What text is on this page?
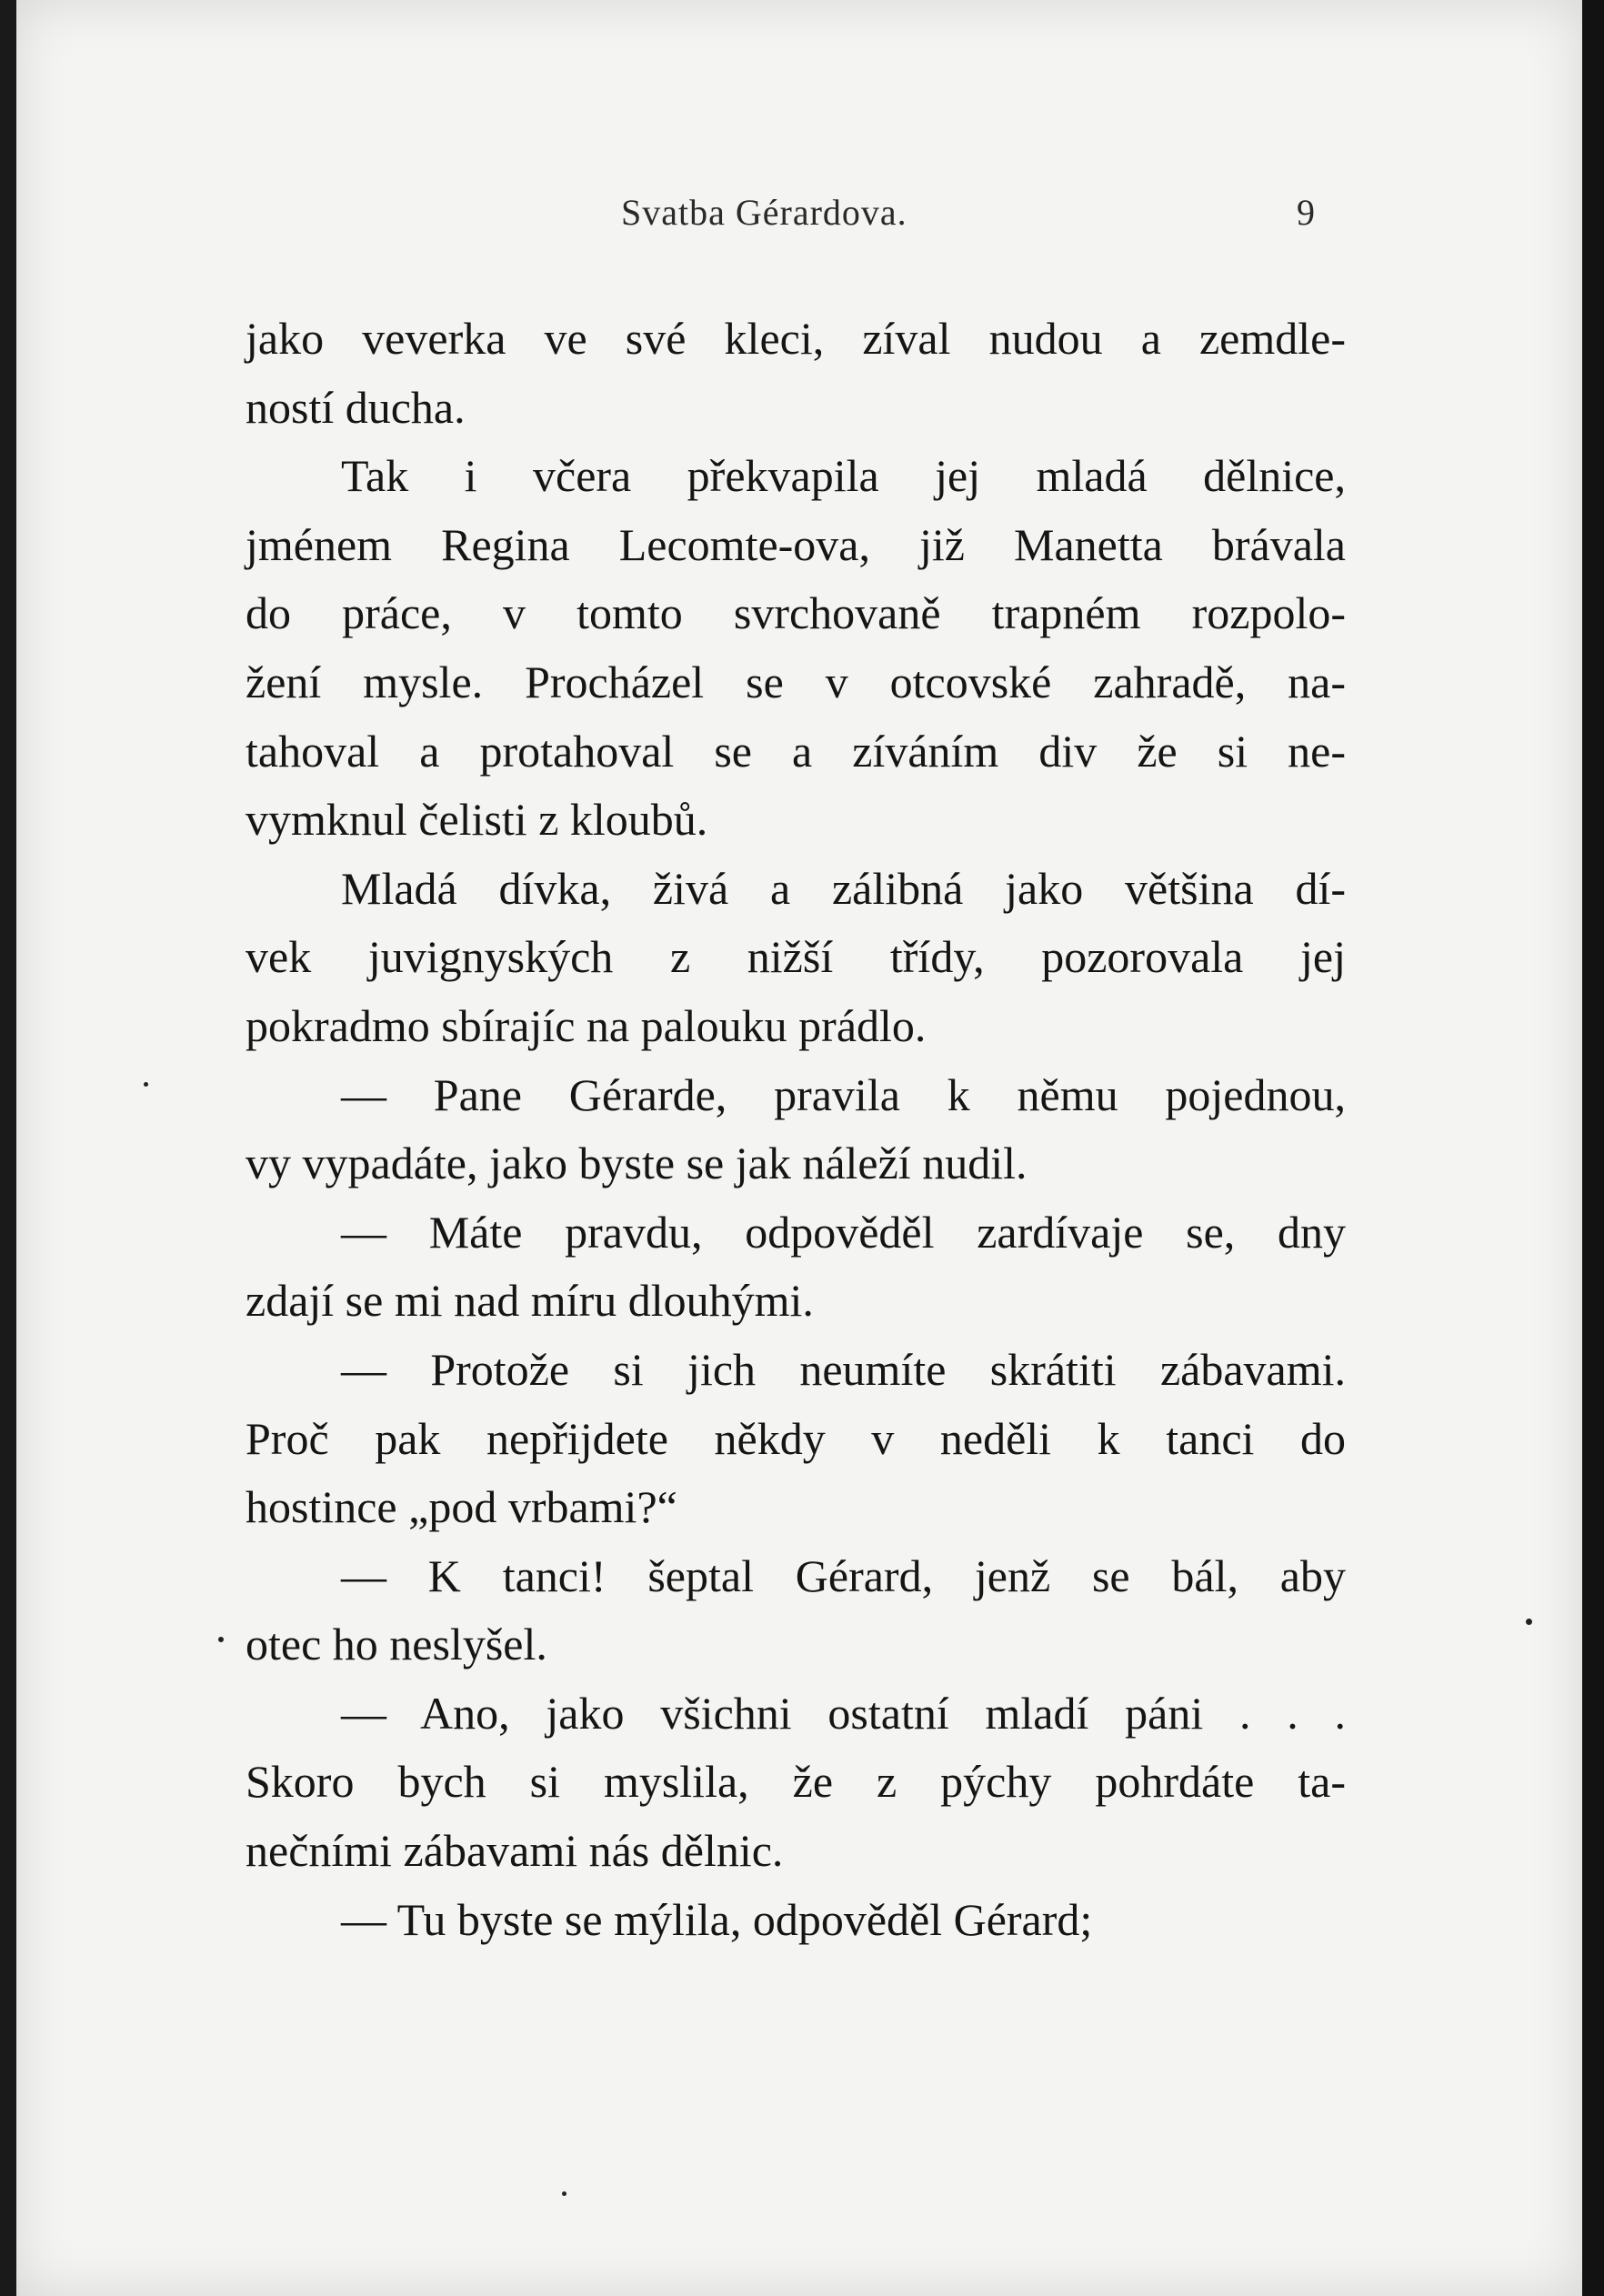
Svatba Gérardova.	9
jako veverka ve své kleci, zíval nudou a zemdle-
ností ducha.
Tak i včera překvapila jej mladá dělnice,
jménem Regina Lecomte-ova, již Manetta brávala
do práce, v tomto svrchovaně trapném rozpolo-
žení mysle. Procházel se v otcovské zahradě, na-
tahoval a protahoval se a zíváním div že si ne-
vymknul čelisti z kloubů.
Mladá dívka, živá a zálibná jako většina dí-
vek juvignyských z nižší třídy, pozorovala jej
pokradmo sbírajíc na palouku prádlo.
— Pane Gérarde, pravila k němu pojednou,
vy vypadáte, jako byste se jak náleží nudil.
— Máte pravdu, odpověděl zardívaje se, dny
zdají se mi nad míru dlouhými.
— Protože si jich neumíte skrátiti zábavami.
Proč pak nepřijdete někdy v neděli k tanci do
hostince „pod vrbami?“
— K tanci! šeptal Gérard, jenž se bál, aby
otec ho neslyšel.
— Ano, jako všichni ostatní mladí páni . . .
Skoro bych si myslila, že z pýchy pohrdáte ta-
nečními zábavami nás dělnic.
— Tu byste se mýlila, odpověděl Gérard;
